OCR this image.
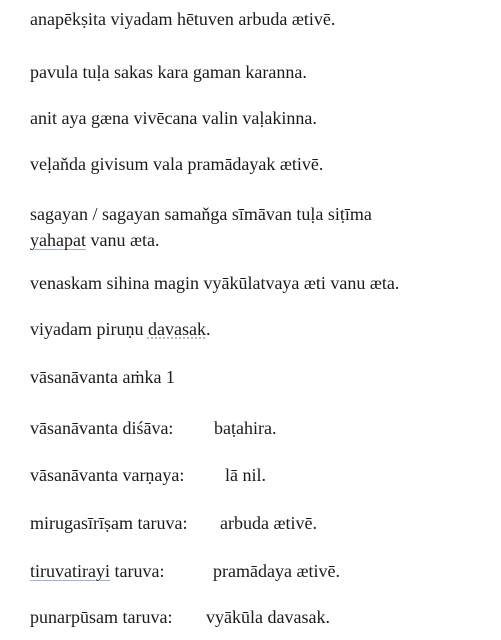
anapēkṣita viyadam hētuven arbuda ætivē.
pavula tuḷa sakas kara gaman karanna.
anit aya gæna vivēcana valin vaḷakinna.
veḷaňda givisum vala pramādayak ætivē.
sagayan / sagayan samaňga sīmāvan tuḷa siṭīma
yahapat vanu æta.
venaskam sihina magin vyākūlatvaya æti vanu æta.
viyadam piruṇu davasak.
vāsanāvanta aṁka 1
vāsanāvanta diśāva: baṭahira.
vāsanāvanta varṇaya: lā nil.
mirugasīrīṣam taruva: arbuda ætivē.
tiruvatirayi taruva:	pramādaya ætivē.
punarpūsam taruva: vyākūla davasak.
